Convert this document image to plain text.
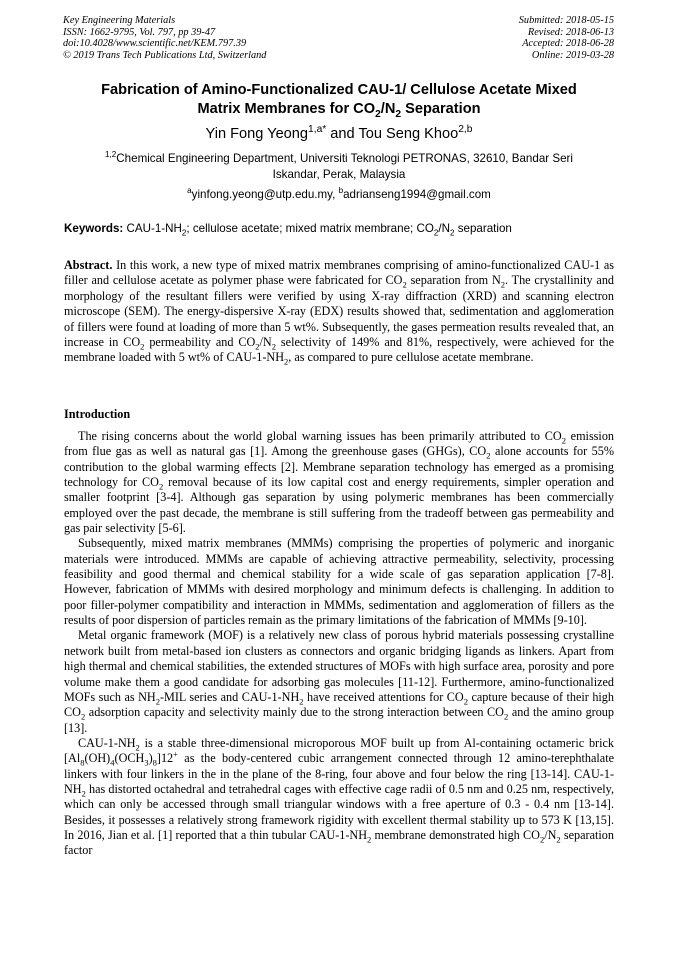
Key Engineering Materials
ISSN: 1662-9795, Vol. 797, pp 39-47
doi:10.4028/www.scientific.net/KEM.797.39
© 2019 Trans Tech Publications Ltd, Switzerland
Submitted: 2018-05-15
Revised: 2018-06-13
Accepted: 2018-06-28
Online: 2019-03-28
Fabrication of Amino-Functionalized CAU-1/ Cellulose Acetate Mixed
Matrix Membranes for $CO_2/N_2$ Separation
Yin Fong Yeong$^{1,a*}$ and Tou Seng Khoo$^{2,b}$
$^{1,2}$Chemical Engineering Department, Universiti Teknologi PETRONAS, 32610, Bandar Seri Iskandar, Perak, Malaysia
$^a$yinfong.yeong@utp.edu.my, $^b$adrianseng1994@gmail.com
Keywords: CAU-$1-NH_2$; cellulose acetate; mixed matrix membrane; $CO_2/N_2$ separation
Abstract. In this work, a new type of mixed matrix membranes comprising of amino-functionalized CAU-1 as filler and cellulose acetate as polymer phase were fabricated for $CO_2$ separation from $N_2$. The crystallinity and morphology of the resultant fillers were verified by using X-ray diffraction (XRD) and scanning electron microscope (SEM). The energy-dispersive X-ray (EDX) results showed that, sedimentation and agglomeration of fillers were found at loading of more than 5 wt%. Subsequently, the gases permeation results revealed that, an increase in $CO_2$ permeability and $CO_2/N_2$ selectivity of 149% and 81%, respectively, were achieved for the membrane loaded with 5 wt% of CAU-$1-NH_2$, as compared to pure cellulose acetate membrane.
Introduction

The rising concerns about the world global warning issues has been primarily attributed to $CO_2$ emission from flue gas as well as natural gas [1]. Among the greenhouse gases (GHGs), $CO_2$ alone accounts for 55% contribution to the global warming effects [2]. Membrane separation technology has emerged as a promising technology for $CO_2$ removal because of its low capital cost and energy requirements, simpler operation and smaller footprint [3-4]. Although gas separation by using polymeric membranes has been commercially employed over the past decade, the membrane is still suffering from the tradeoff between gas permeability and gas pair selectivity [5-6].

Subsequently, mixed matrix membranes (MMMs) comprising the properties of polymeric and inorganic materials were introduced. MMMs are capable of achieving attractive permeability, selectivity, processing feasibility and good thermal and chemical stability for a wide scale of gas separation application [7-8]. However, fabrication of MMMs with desired morphology and minimum defects is challenging. In addition to poor filler-polymer compatibility and interaction in MMMs, sedimentation and agglomeration of fillers as the results of poor dispersion of particles remain as the primary limitations of the fabrication of MMMs [9-10].

Metal organic framework (MOF) is a relatively new class of porous hybrid materials possessing crystalline network built from metal-based ion clusters as connectors and organic bridging ligands as linkers. Apart from high thermal and chemical stabilities, the extended structures of MOFs with high surface area, porosity and pore volume make them a good candidate for adsorbing gas molecules [11-12]. Furthermore, amino-functionalized MOFs such as $NH_2$-MIL series and CAU-$1-NH_2$ have received attentions for $CO_2$ capture because of their high $CO_2$ adsorption capacity and selectivity mainly due to the strong interaction between $CO_2$ and the amino group [13].

CAU-$1-NH_2$ is a stable three-dimensional microporous MOF built up from Al-containing octameric brick $[Al_8(OH)_4(OCH_3)_8]12^+$ as the body-centered cubic arrangement connected through 12 amino-terephthalate linkers with four linkers in the in the plane of the 8-ring, four above and four below the ring [13-14]. CAU-$1-NH_2$ has distorted octahedral and tetrahedral cages with effective cage radii of 0.5 nm and 0.25 nm, respectively, which can only be accessed through small triangular windows with a free aperture of 0.3 - 0.4 nm [13-14]. Besides, it possesses a relatively strong framework rigidity with excellent thermal stability up to 573 K [13,15]. In 2016, Jian et al. [1] reported that a thin tubular CAU-$1-NH_2$ membrane demonstrated high $CO_2/N_2$ separation factor
